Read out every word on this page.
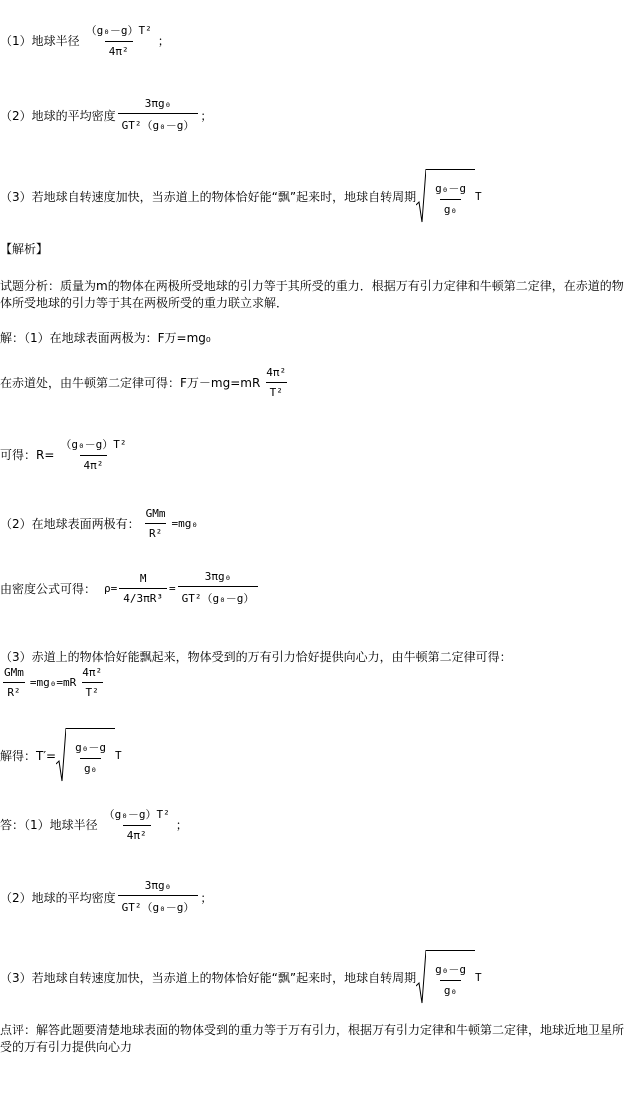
（1）地球半径 $\frac{\text{（g₀－g）T²}}{\text{4π²}}$ ；
（2）地球的平均密度 $\frac{\text{3πg₀}}{\text{GT²（g₀－g）}}$ ；
（3）若地球自转速度加快，当赤道上的物体恰好能“飘”起来时，地球自转周期 $\frac{\text{g₀－g}}{\text{g₀}}$ T
【解析】
试题分析：质量为m的物体在两极所受地球的引力等于其所受的重力．根据万有引力定律和牛顿第二定律，在赤道的物体所受地球的引力等于其在两极所受的重力联立求解．
解：（1）在地球表面两极为：F万=mg₀
在赤道处，由牛顿第二定律可得：F万$-mg=mR \frac{\text{4π²}}{\text{T²}}$
可得：$R= \frac{\text{（g₀－g）T²}}{\text{4π²}}$
（2）在地球表面两极有： $\frac{\text{GMm}}{\text{R²}} =mg_0$
由密度公式可得： $\rho= \frac{M}{\text{4/3πR³}} = \frac{\text{3πg₀}}{\text{GT²（g₀－g）}}$
（3）赤道上的物体恰好能飘起来，物体受到的万有引力恰好提供向心力，由牛顿第二定律可得：
$\frac{\text{GMm}}{\text{R²}} =mg_0=mR \frac{\text{4π²}}{\text{T²}}$
解得：$T'= \frac{\text{g₀－g}}{\text{g₀}}$ T
答：（1）地球半径 $\frac{\text{（g₀－g）T²}}{\text{4π²}}$ ；
（2）地球的平均密度 $\frac{\text{3πg₀}}{\text{GT²（g₀－g）}}$ ；
（3）若地球自转速度加快，当赤道上的物体恰好能“飘”起来时，地球自转周期 $\frac{\text{g₀－g}}{\text{g₀}}$ T
点评：解答此题要清楚地球表面的物体受到的重力等于万有引力，根据万有引力定律和牛顿第二定律，地球近地卫星所受的万有引力提供向心力
